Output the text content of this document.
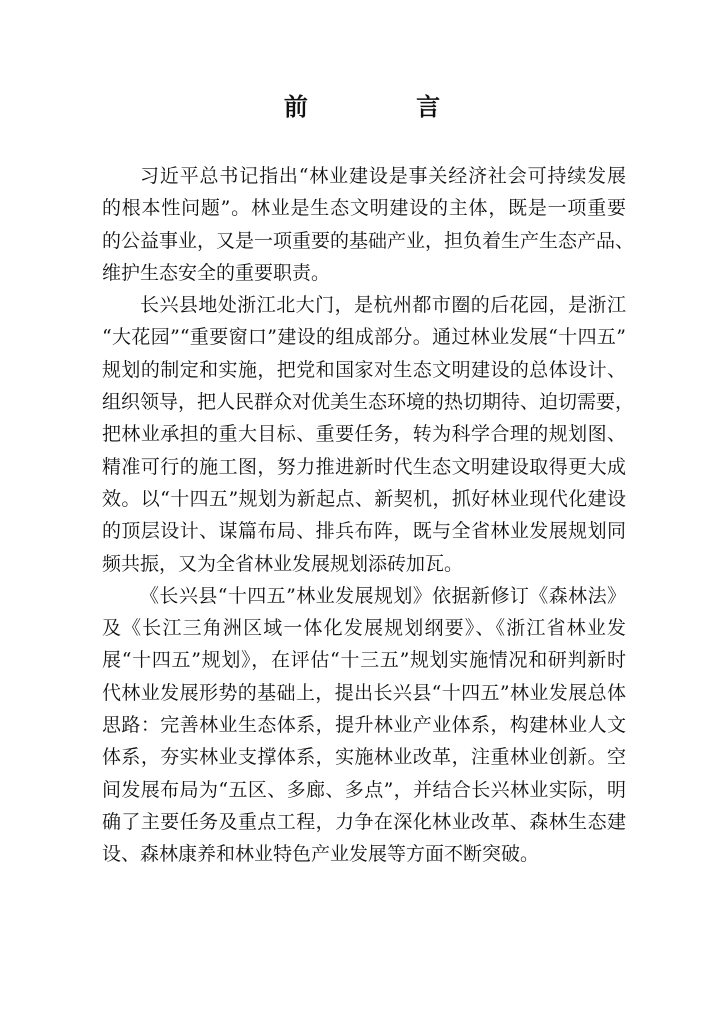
前 言
习近平总书记指出“林业建设是事关经济社会可持续发展
的根本性问题”。林业是生态文明建设的主体，既是一项重要
的公益事业，又是一项重要的基础产业，担负着生产生态产品、
维护生态安全的重要职责。
长兴县地处浙江北大门，是杭州都市圈的后花园，是浙江
“大花园”“重要窗口”建设的组成部分。通过林业发展“十四五”
规划的制定和实施，把党和国家对生态文明建设的总体设计、
组织领导，把人民群众对优美生态环境的热切期待、迫切需要，
把林业承担的重大目标、重要任务，转为科学合理的规划图、
精准可行的施工图，努力推进新时代生态文明建设取得更大成
效。以“十四五”规划为新起点、新契机，抓好林业现代化建设
的顶层设计、谋篇布局、排兵布阵，既与全省林业发展规划同
频共振，又为全省林业发展规划添砖加瓦。
《长兴县“十四五”林业发展规划》依据新修订《森林法》
及《长江三角洲区域一体化发展规划纲要》、《浙江省林业发
展“十四五”规划》，在评估“十三五”规划实施情况和研判新时
代林业发展形势的基础上，提出长兴县“十四五”林业发展总体
思路：完善林业生态体系，提升林业产业体系，构建林业人文
体系，夯实林业支撑体系，实施林业改革，注重林业创新。空
间发展布局为“五区、多廊、多点”，并结合长兴林业实际，明
确了主要任务及重点工程，力争在深化林业改革、森林生态建
设、森林康养和林业特色产业发展等方面不断突破。
